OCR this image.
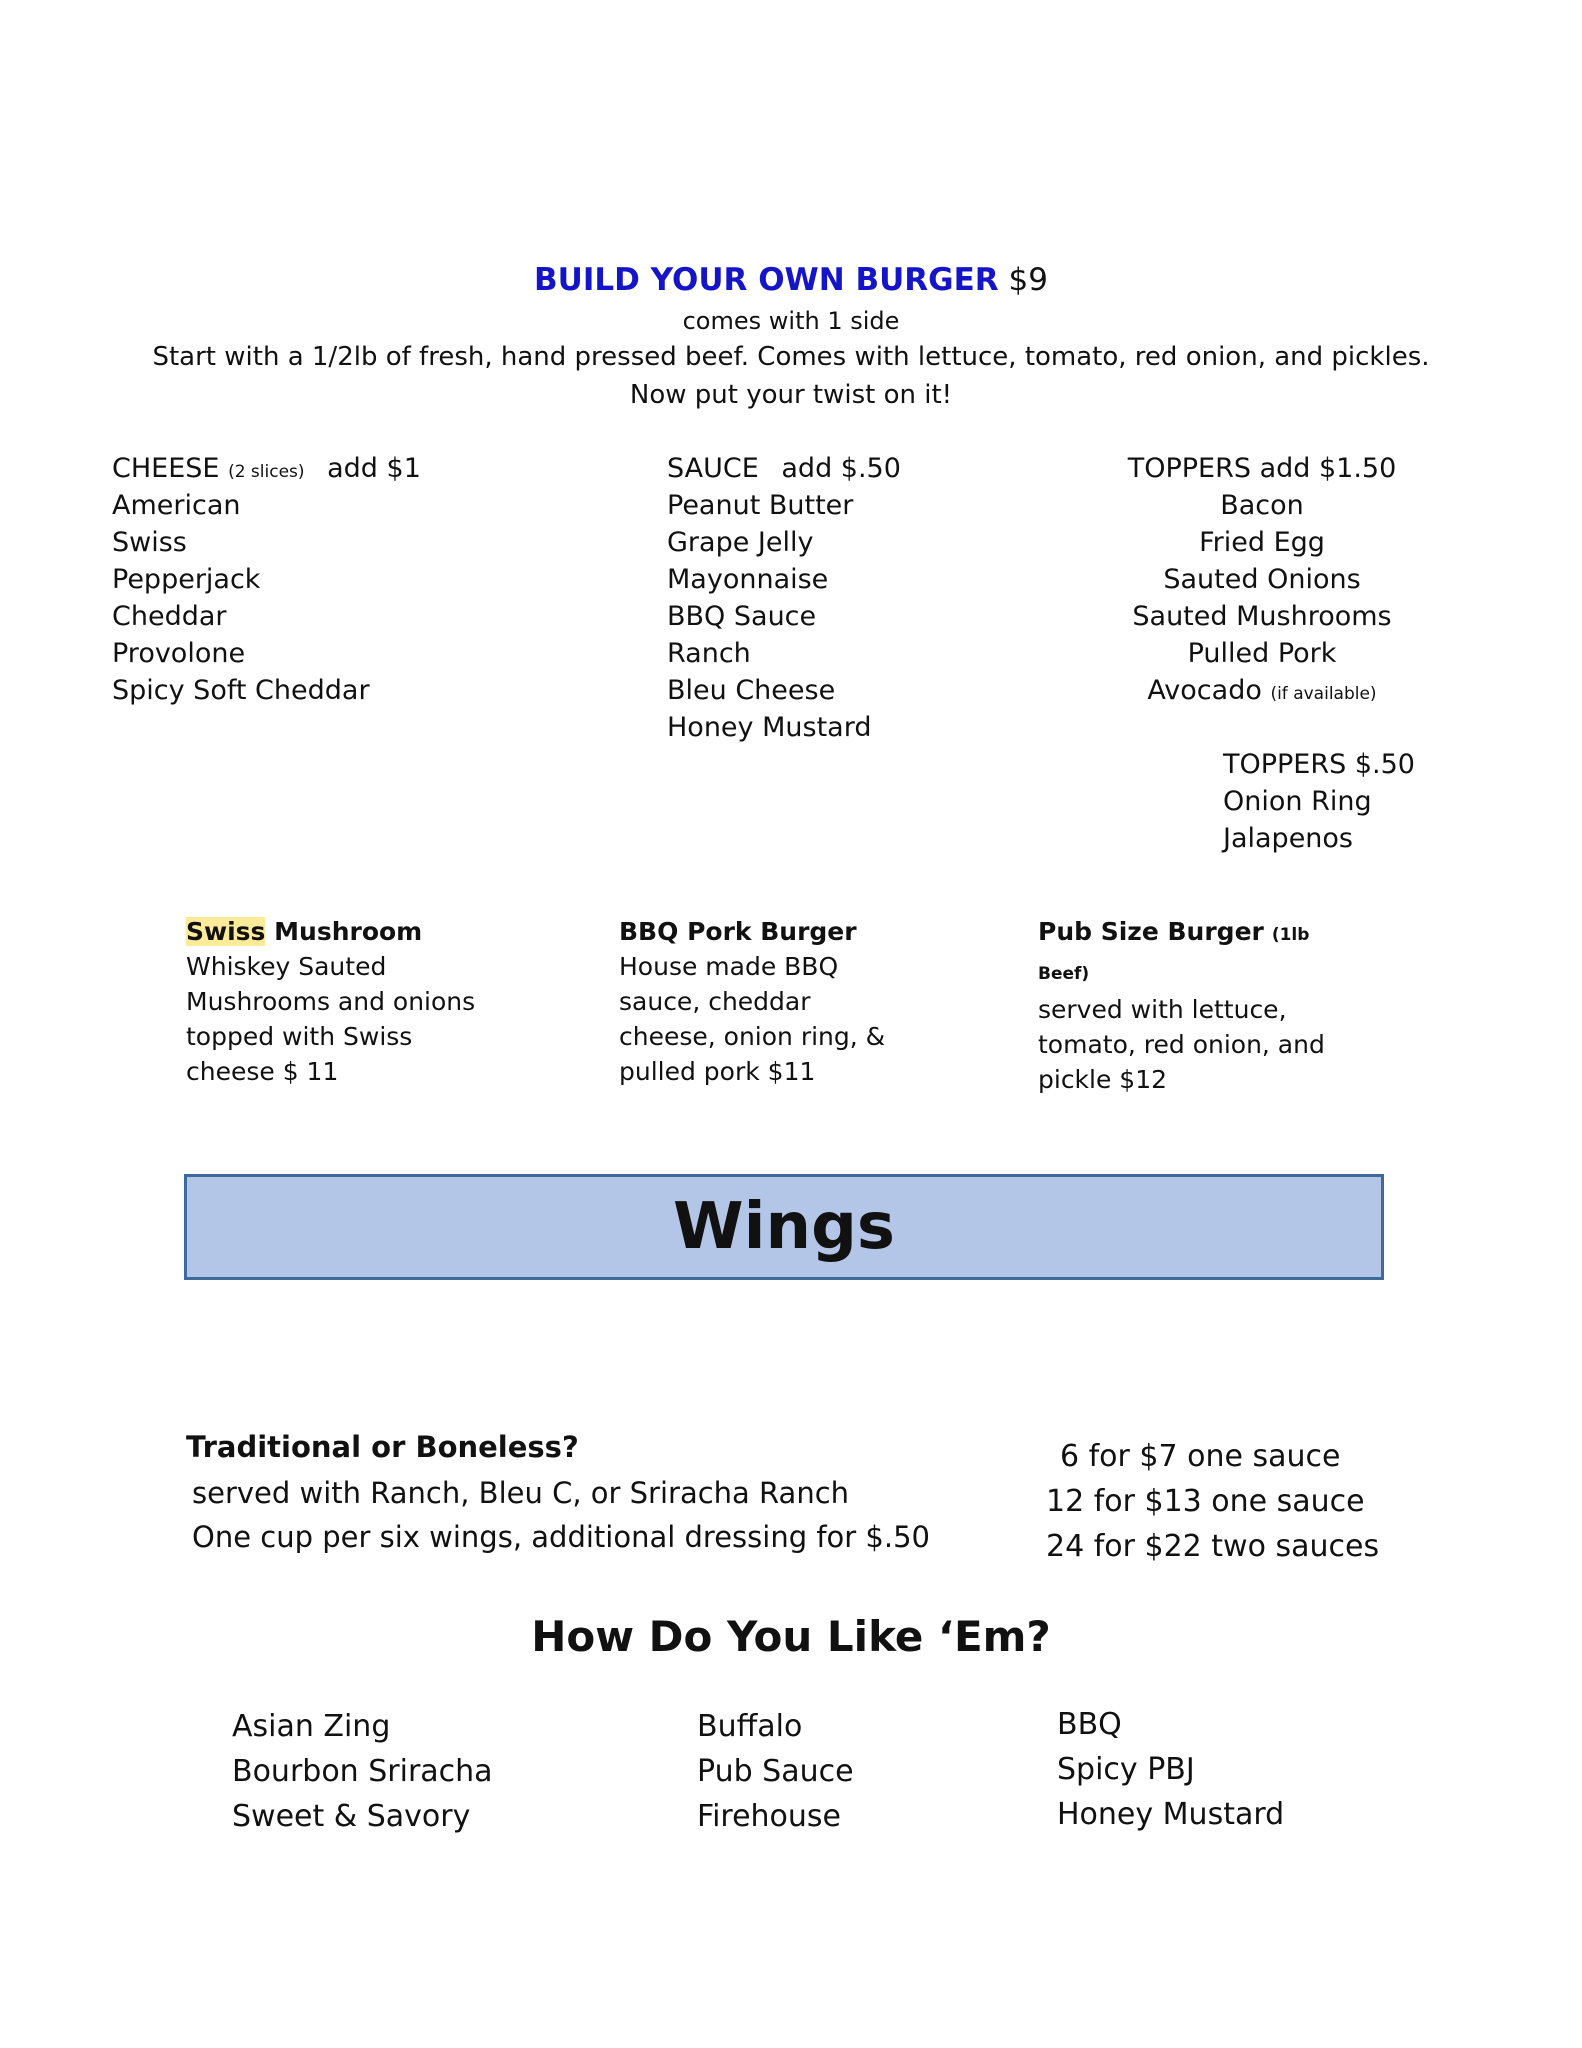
BUILD YOUR OWN BURGER $9
comes with 1 side
Start with a 1/2lb of fresh, hand pressed beef. Comes with lettuce, tomato, red onion, and pickles.
Now put your twist on it!
CHEESE (2 slices) add $1
American
Swiss
Pepperjack
Cheddar
Provolone
Spicy Soft Cheddar
SAUCE add $.50
Peanut Butter
Grape Jelly
Mayonnaise
BBQ Sauce
Ranch
Bleu Cheese
Honey Mustard
TOPPERS add $1.50
Bacon
Fried Egg
Sauted Onions
Sauted Mushrooms
Pulled Pork
Avocado (if available)
TOPPERS $.50
Onion Ring
Jalapenos
Swiss Mushroom
Whiskey Sauted Mushrooms and onions topped with Swiss cheese $ 11
BBQ Pork Burger
House made BBQ sauce, cheddar cheese, onion ring, & pulled pork $11
Pub Size Burger (1lb Beef)
served with lettuce, tomato, red onion, and pickle $12
Wings
Traditional or Boneless?
served with Ranch, Bleu C, or Sriracha Ranch
One cup per six wings, additional dressing for $.50
6 for $7 one sauce
12 for $13 one sauce
24 for $22 two sauces
How Do You Like ‘Em?
Asian Zing
Bourbon Sriracha
Sweet & Savory
Buffalo
Pub Sauce
Firehouse
BBQ
Spicy PBJ
Honey Mustard
